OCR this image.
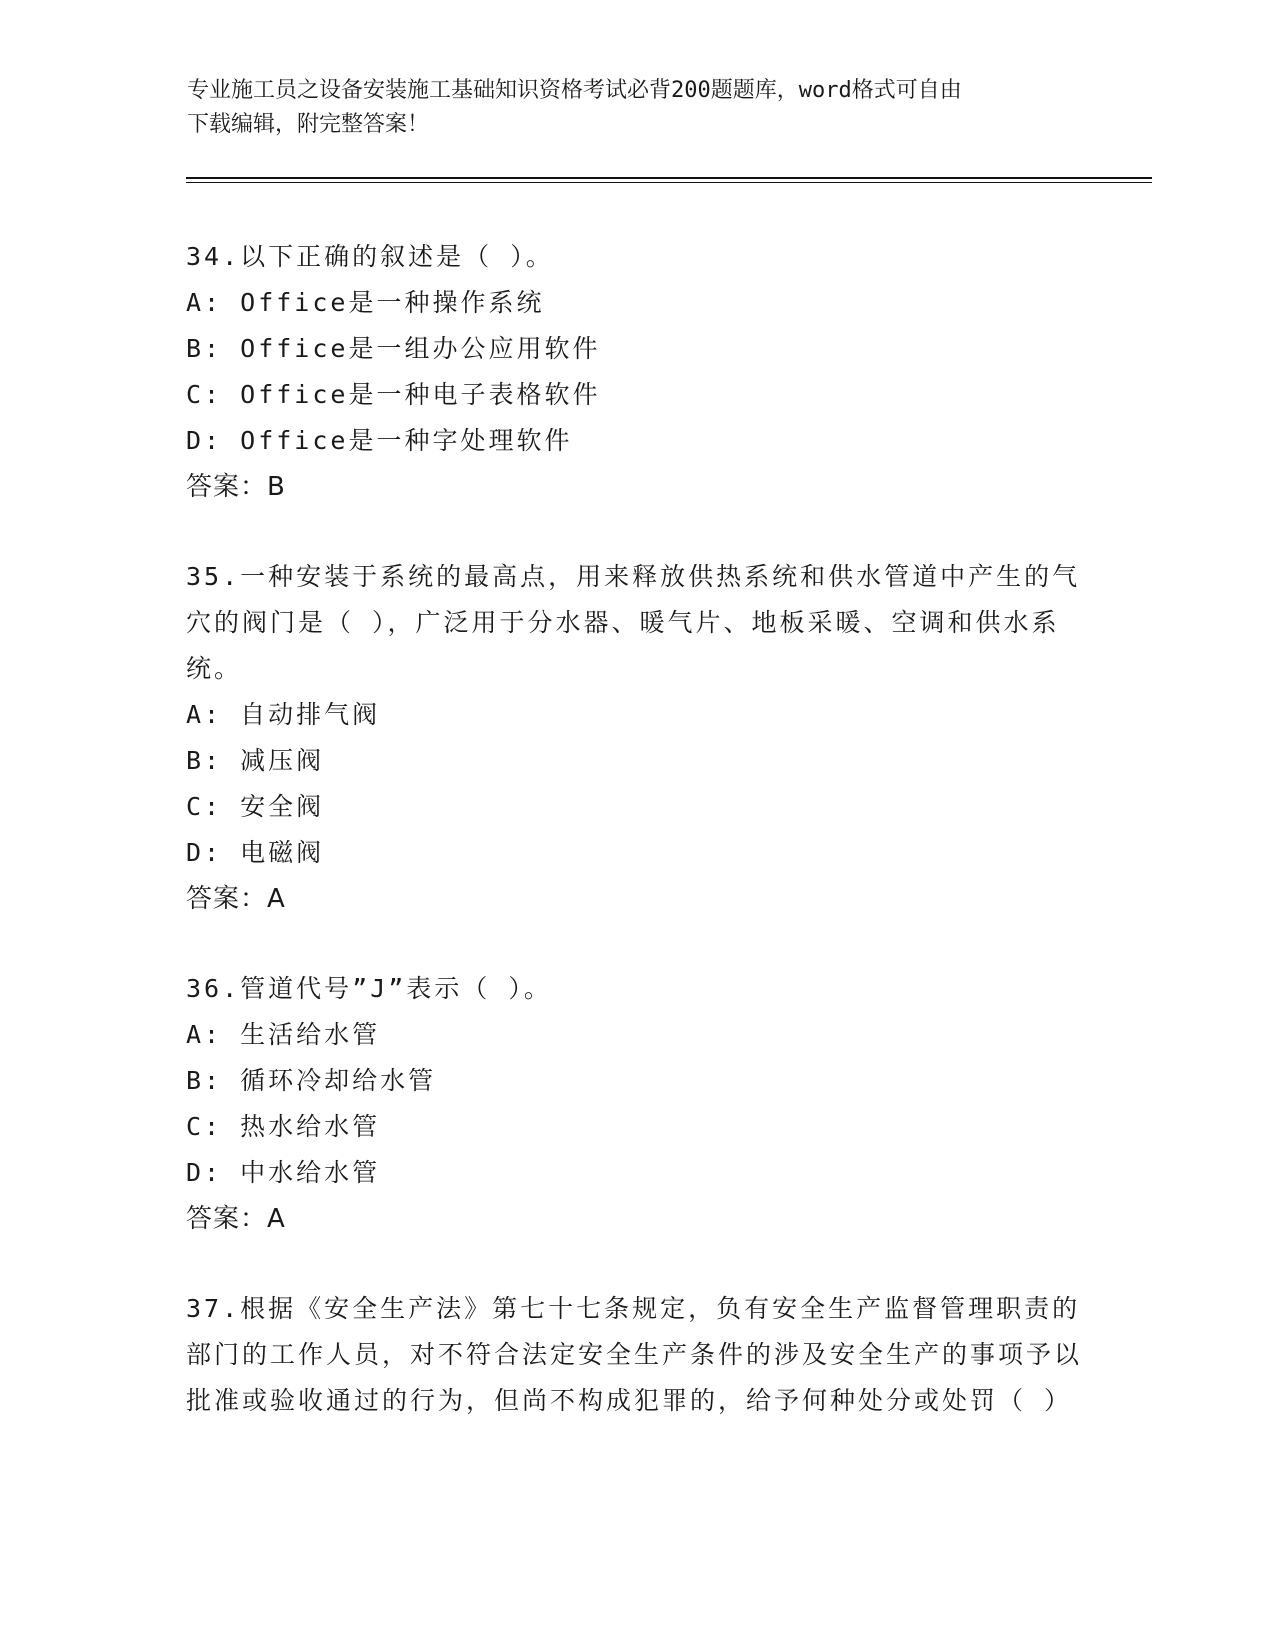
专业施工员之设备安装施工基础知识资格考试必背200题题库，word格式可自由
下载编辑，附完整答案！
34.以下正确的叙述是（ ）。
A: Office是一种操作系统
B: Office是一组办公应用软件
C: Office是一种电子表格软件
D: Office是一种字处理软件
答案：B
35.一种安装于系统的最高点，用来释放供热系统和供水管道中产生的气穴的阀门是（ ），广泛用于分水器、暖气片、地板采暖、空调和供水系统。
A: 自动排气阀
B: 减压阀
C: 安全阀
D: 电磁阀
答案：A
36.管道代号”J”表示（ ）。
A: 生活给水管
B: 循环冷却给水管
C: 热水给水管
D: 中水给水管
答案：A
37.根据《安全生产法》第七十七条规定，负有安全生产监督管理职责的部门的工作人员，对不符合法定安全生产条件的涉及安全生产的事项予以批准或验收通过的行为，但尚不构成犯罪的，给予何种处分或处罚（ ）
